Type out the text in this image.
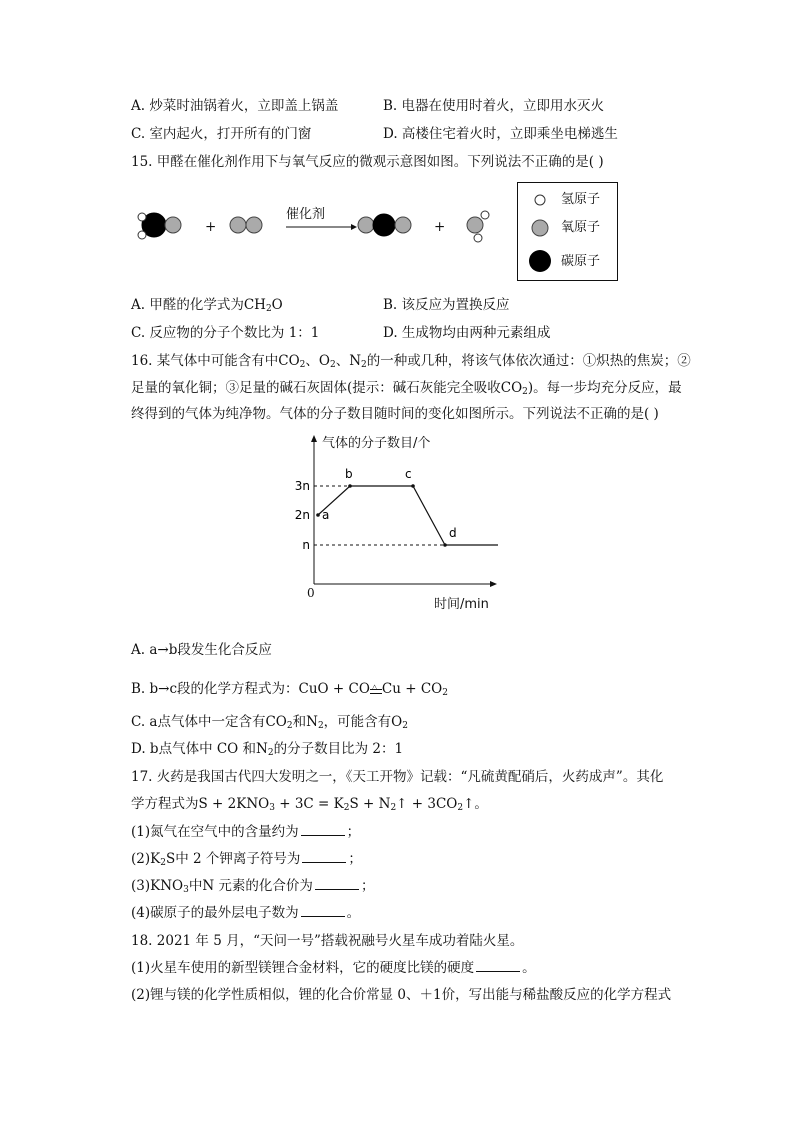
A. 炒菜时油锅着火，立即盖上锅盖	B. 电器在使用时着火，立即用水灭火
C. 室内起火，打开所有的门窗	D. 高楼住宅着火时，立即乘坐电梯逃生
15. 甲醛在催化剂作用下与氧气反应的微观示意图如图。下列说法不正确的是( )
+	+
催化剂
氢原子
氧原子
碳原子
A. 甲醛的化学式为$CH_2O$	B. 该反应为置换反应
C. 反应物的分子个数比为 1：1	D. 生成物均由两种元素组成
16. 某气体中可能含有中$CO_2$、$O_2$、$N_2$的一种或几种，将该气体依次通过：①炽热的焦炭；②
足量的氧化铜；③足量的碱石灰固体(提示：碱石灰能完全吸收$CO_2$)。每一步均充分反应，最
终得到的气体为纯净物。气体的分子数目随时间的变化如图所示。下列说法不正确的是( )
n
2n
3n
a
b	c
d
气体的分子数目/个
时间/min
0
A. a→b段发生化合反应
B. b→c段的化学方程式为：CuO + CO △ $Cu + CO_2$
C. a点气体中一定含有$CO_2$和$N_2$，可能含有$O_2$
D. b点气体中 CO 和$N_2$的分子数目比为 2：1
17. 火药是我国古代四大发明之一，《天工开物》记载：“凡硫黄配硝后，火药成声”。其化
学方程式为$S + 2KNO_3 + 3C = K_2S$ + $N_2↑$ + $3CO_2↑$。
(1)氮气在空气中的含量约为	；
$(2)K_2S$中 2 个钾离子符号为	；
$(3)KNO_3$中N 元素的化合价为	；
(4)碳原子的最外层电子数为	。
18. 2021 年 5 月，“天问一号”搭载祝融号火星车成功着陆火星。
(1)火星车使用的新型镁锂合金材料，它的硬度比镁的硬度	。
(2)锂与镁的化学性质相似，锂的化合价常显 0、＋1价，写出能与稀盐酸反应的化学方程式
